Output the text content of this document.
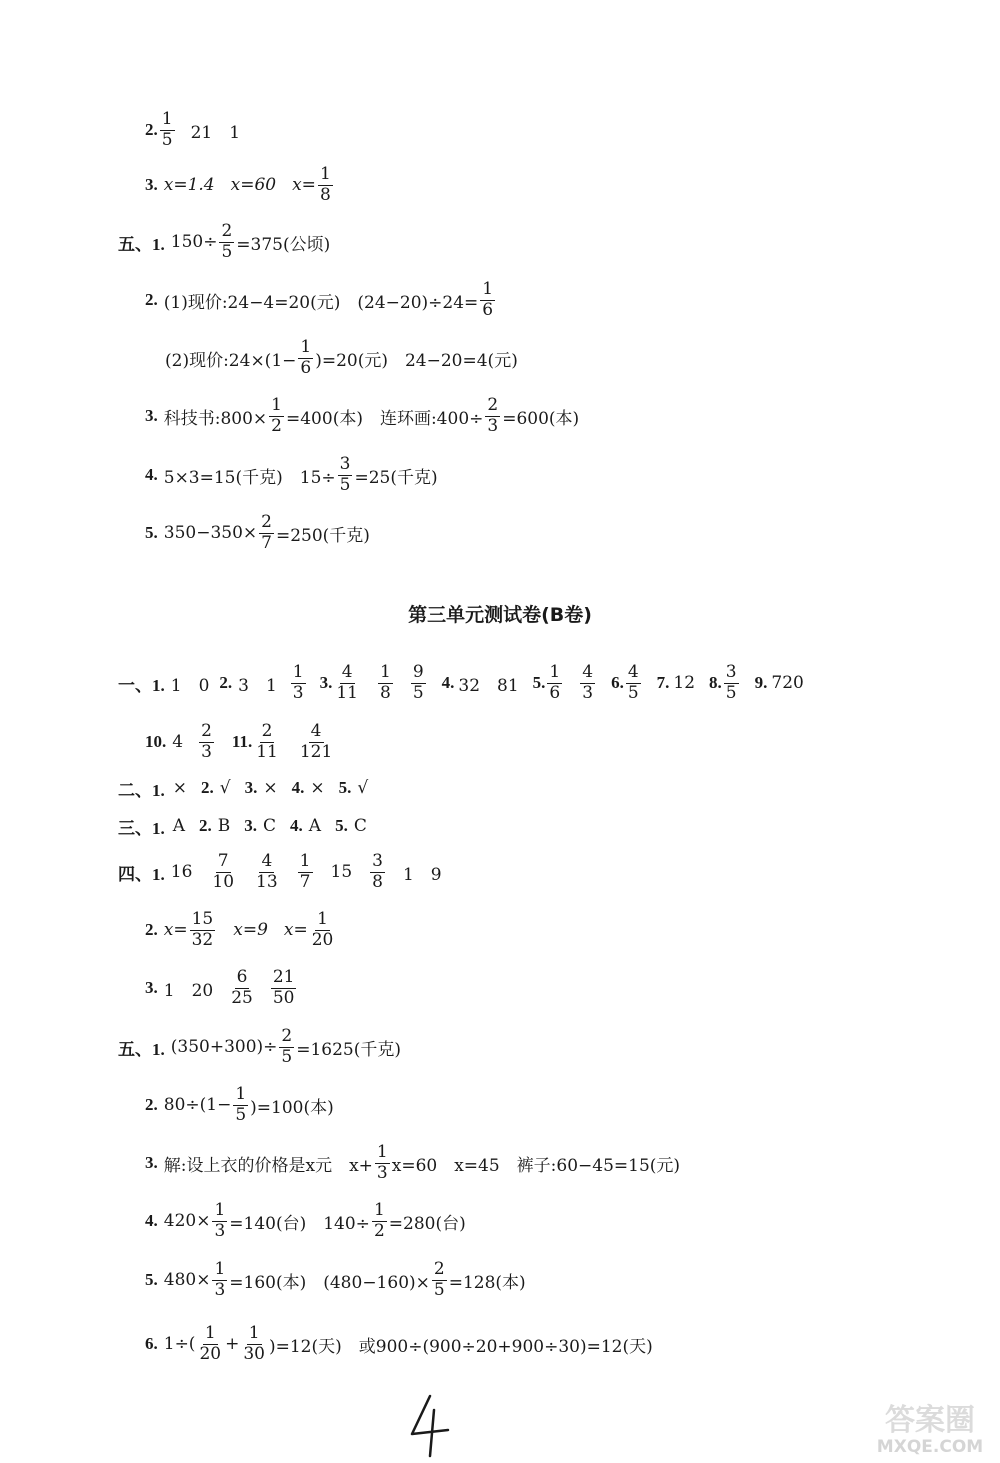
2. $\frac{1}{5} 21$　1
3. x=1.4 x=60 $x= \frac{1}{8}$
五、1. $150\div \frac{2}{5} =375$(公顷)
2. (1)现价:24−4=20(元)　$(24-20)\div 24= \frac{1}{6}$
(2)现价:24×(1− $\frac{1}{6} )=20$(元)　24−20=4(元)
3. 科技书:800× $\frac{1}{2} =400$(本)　连环画:400÷ $\frac{2}{3} =600$(本)
4. 5×3=15(千克)　$15\div \frac{3}{5} =25$(千克)
5. $350-350\times \frac{2}{7} =250$(千克)
第三单元测试卷(B卷)
一、1. 1　0 2. 3　$1 \frac{1}{3} 3$. $\frac{4}{11} \frac{1}{8} \frac{9}{5} 4$. 32　81 5. $\frac{1}{6} \frac{4}{3} 6$. $\frac{4}{5} 7$. 12 8. $\frac{3}{5} 9$. 720
10. $4 \frac{2}{3} 11$. $\frac{2}{11} \frac{4}{121}$
二、1. × 2. √ 3. × 4. × 5. √
三、1. A 2. B 3. C 4. A 5. C
四、1. $16 \frac{7}{10} \frac{4}{13} \frac{1}{7} 15 \frac{3}{8} 1$　9
2. $x= \frac{15}{32} x=9$ $x= \frac{1}{20}$
3. 1　$20 \frac{6}{25} \frac{21}{50}$
五、1. $(350+300)\div \frac{2}{5} =1625$(千克)
2. $80\div(1- \frac{1}{5} )=100$(本)
3. 解:设上衣的价格是x元　$x+ \frac{1}{3} x=60$　x=45　裤子:60−45=15(元)
4. $420\times \frac{1}{3} =140$(台)　$140\div \frac{1}{2} =280$(台)
5. $480\times \frac{1}{3} =160$(本)　$(480-160)\times \frac{2}{5} =128$(本)
6. $1\div( \frac{1}{20} + \frac{1}{30} )=12$(天)　或900÷(900÷20+900÷30)=12(天)
答案圈
MXQE.COM
